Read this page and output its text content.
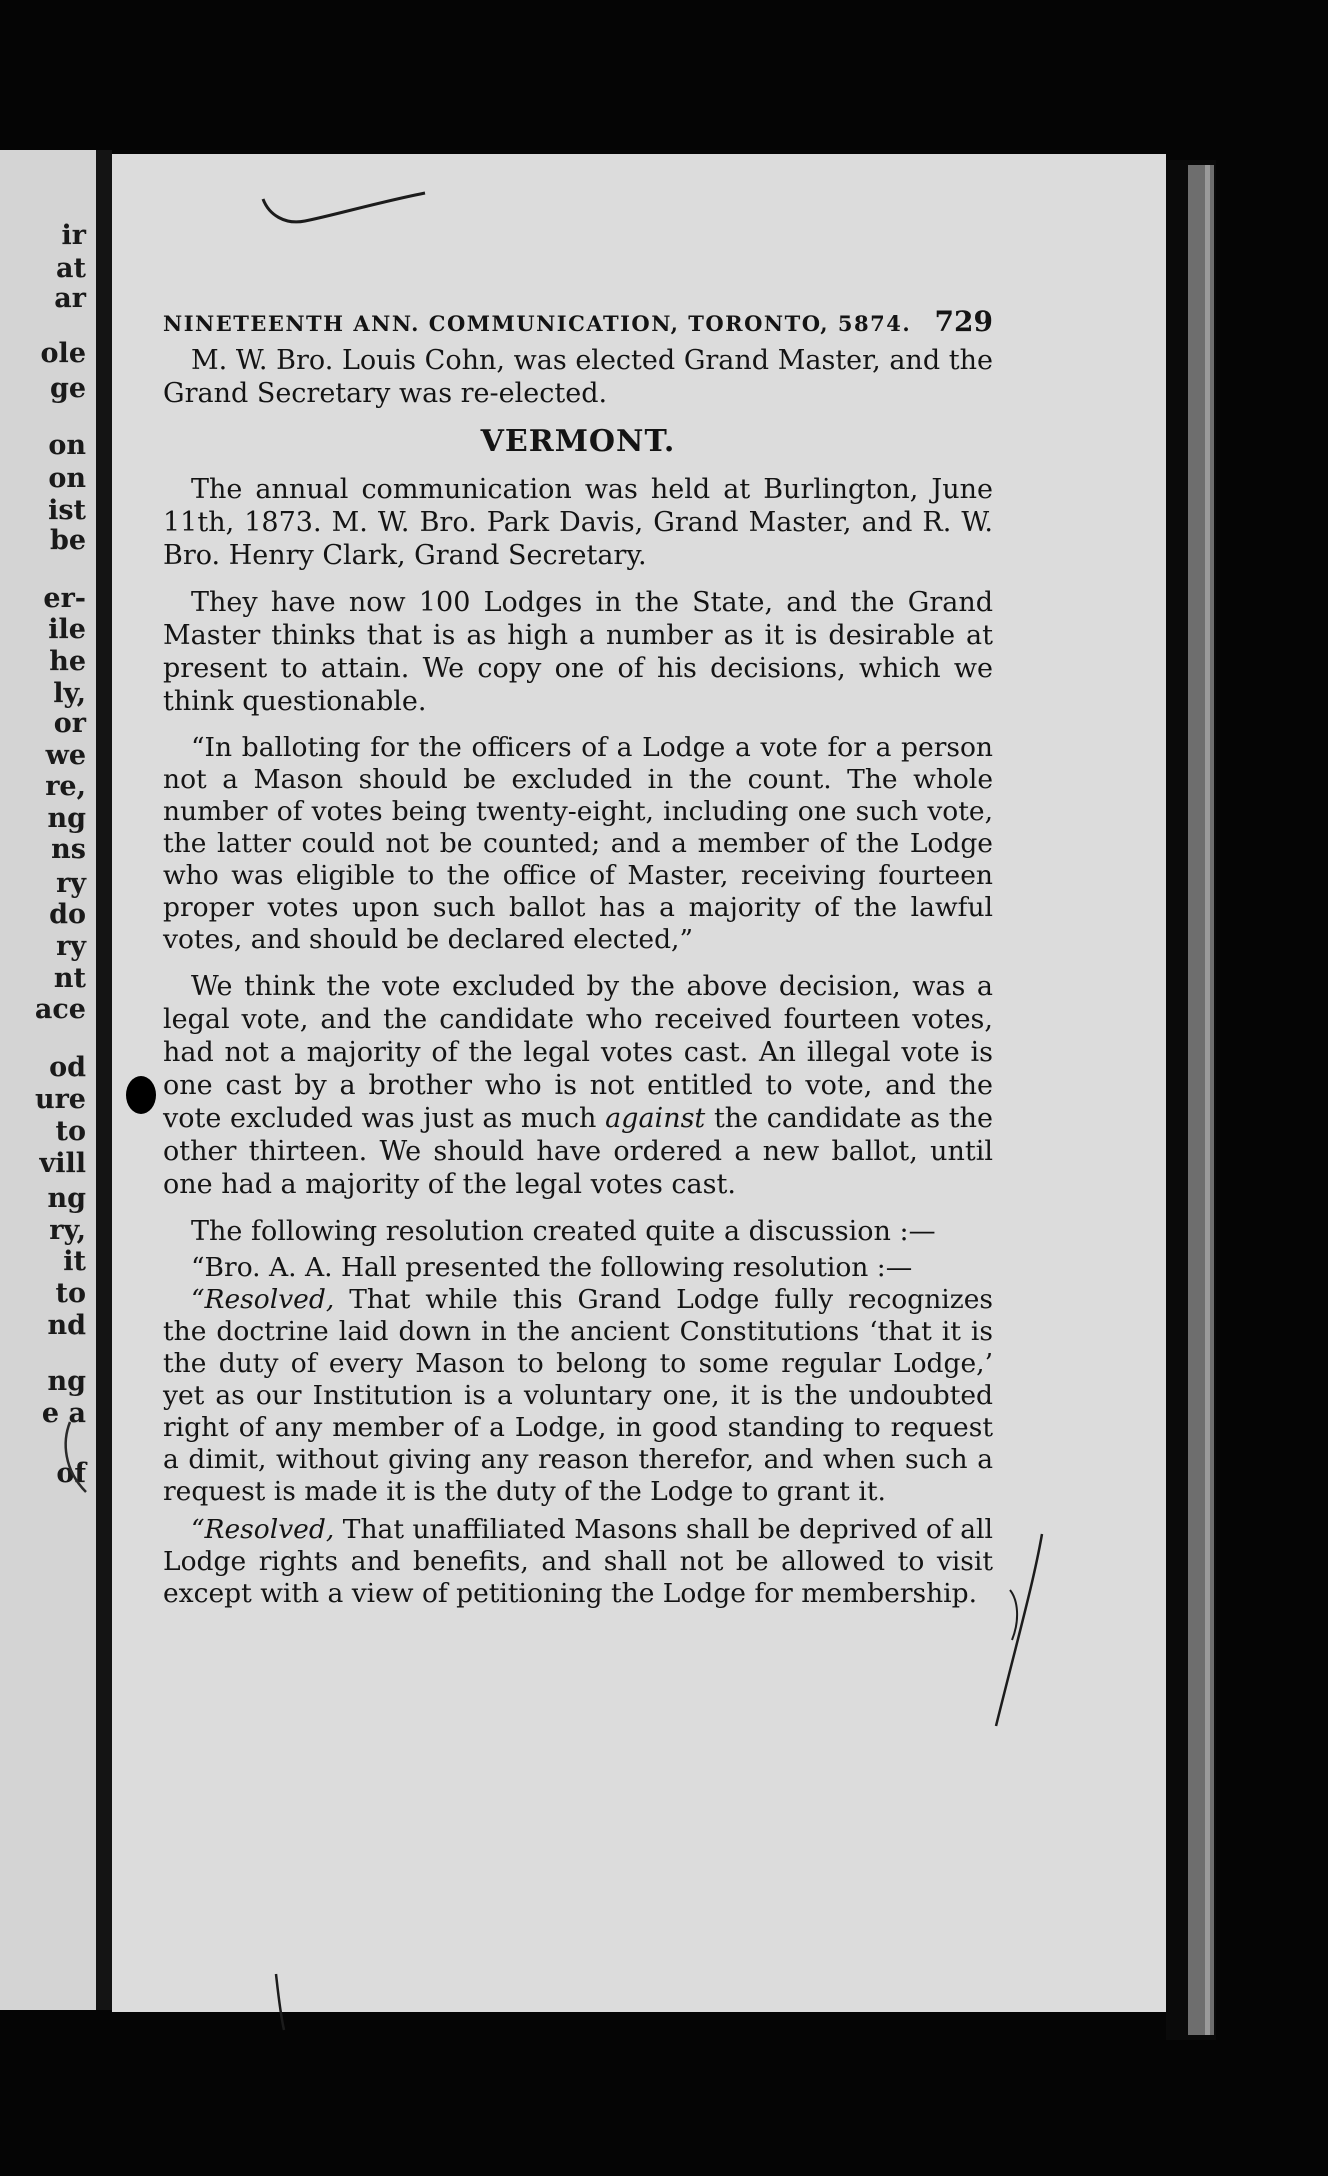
ir

at

ar

ole

ge

on

on

ist

be

er-

ile

he

ly,

or

we

re,

ng

ns

ry

do

ry

nt

ace

od

ure

to

vill

ng

ry,

it

to

nd

ng

e a

of

NINETEENTH ANN. COMMUNICATION, TORONTO, 5874. 729

M. W. Bro. Louis Cohn, was elected Grand Master, and the Grand Secretary was re-elected.

VERMONT.

The annual communication was held at Burlington, June 11th, 1873. M. W. Bro. Park Davis, Grand Master, and R. W. Bro. Henry Clark, Grand Secretary.

They have now 100 Lodges in the State, and the Grand Master thinks that is as high a number as it is desirable at present to attain. We copy one of his decisions, which we think questionable.

“In balloting for the officers of a Lodge a vote for a person not a Mason should be excluded in the count. The whole number of votes being twenty-eight, including one such vote, the latter could not be counted; and a member of the Lodge who was eligible to the office of Master, receiving fourteen proper votes upon such ballot has a majority of the lawful votes, and should be declared elected,”

We think the vote excluded by the above decision, was a legal vote, and the candidate who received fourteen votes, had not a majority of the legal votes cast. An illegal vote is one cast by a brother who is not entitled to vote, and the vote excluded was just as much against the candidate as the other thirteen. We should have ordered a new ballot, until one had a majority of the legal votes cast.

The following resolution created quite a discussion :—

“Bro. A. A. Hall presented the following resolution :—

“Resolved, That while this Grand Lodge fully recognizes the doctrine laid down in the ancient Constitutions ‘that it is the duty of every Mason to belong to some regular Lodge,’ yet as our Institution is a voluntary one, it is the undoubted right of any member of a Lodge, in good standing to request a dimit, without giving any reason therefor, and when such a request is made it is the duty of the Lodge to grant it.

“Resolved, That unaffiliated Masons shall be deprived of all Lodge rights and benefits, and shall not be allowed to visit except with a view of petitioning the Lodge for membership.
